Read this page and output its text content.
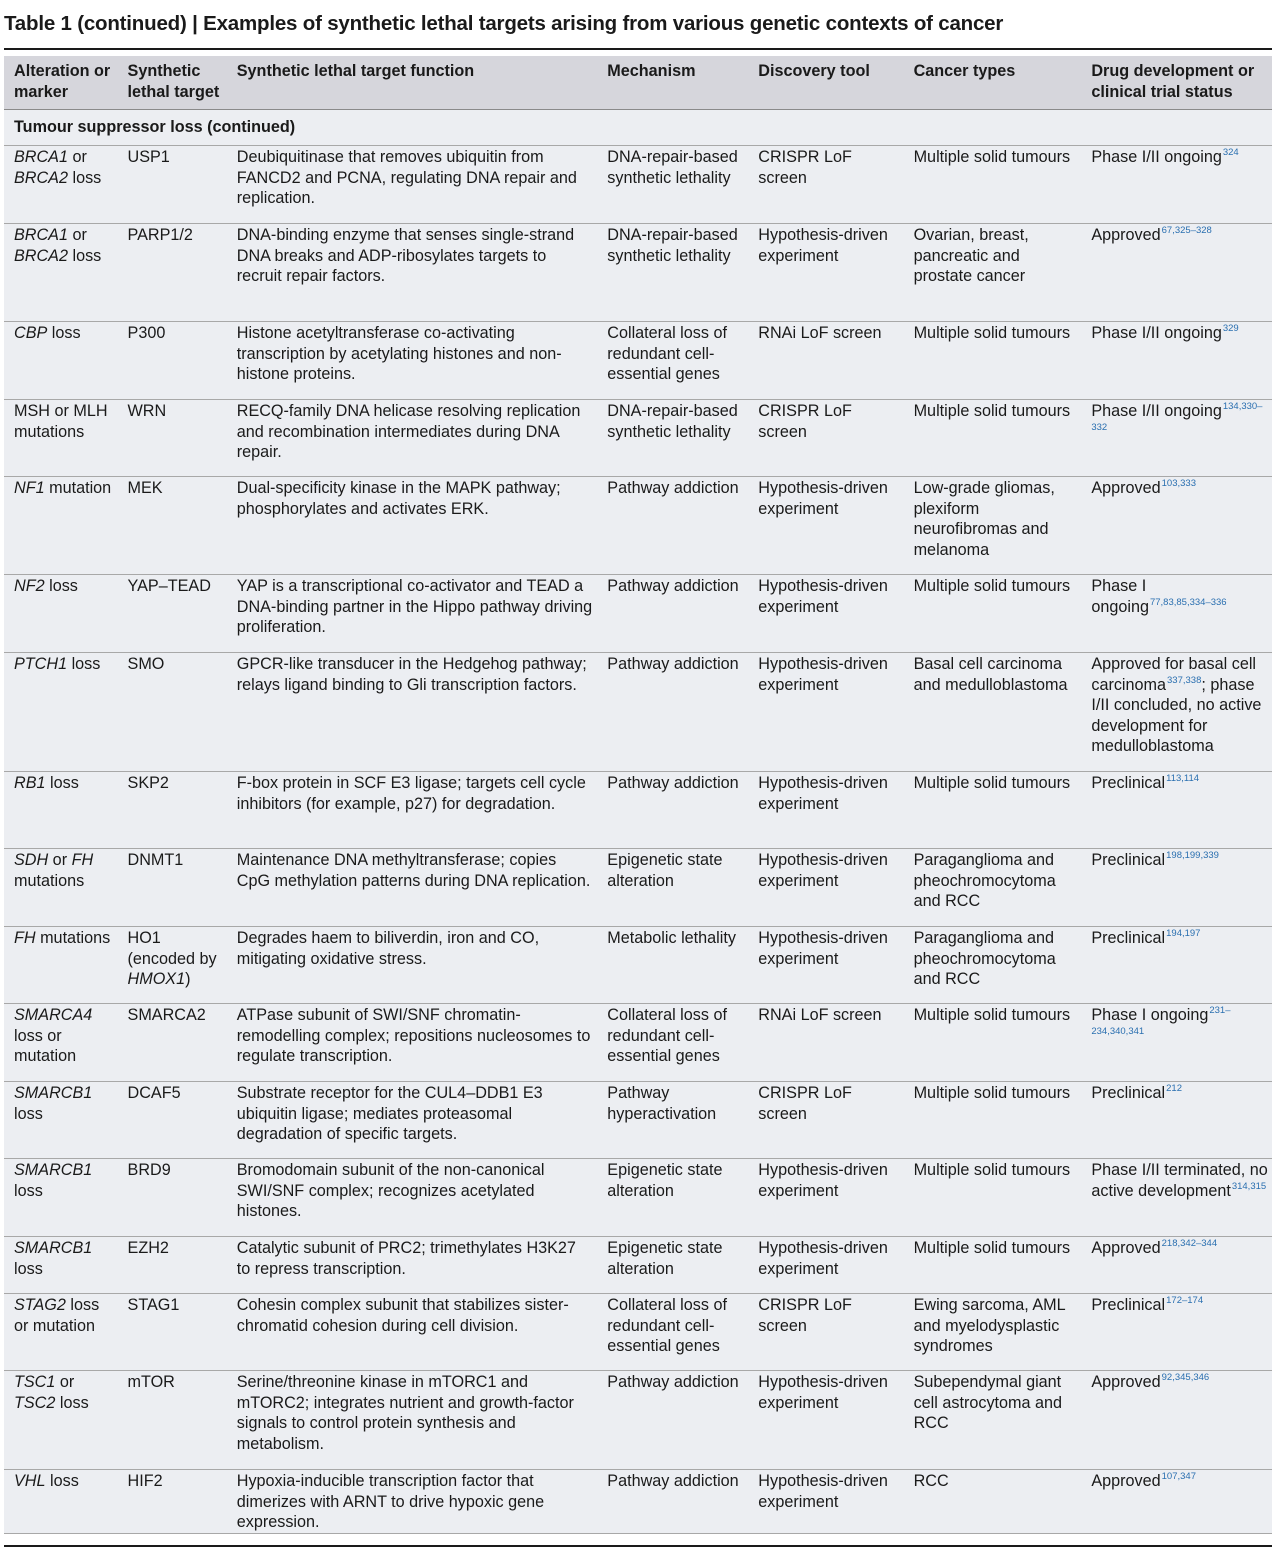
Table 1 (continued) | Examples of synthetic lethal targets arising from various genetic contexts of cancer
Alteration or marker	Synthetic lethal target	Synthetic lethal target function	Mechanism	Discovery tool	Cancer types	Drug development or clinical trial status
Tumour suppressor loss (continued)						

BRCA1 or BRCA2 loss	USP1	Deubiquitinase that removes ubiquitin from FANCD2 and PCNA, regulating DNA repair and replication.	DNA-repair-based synthetic lethality	CRISPR LoF screen	Multiple solid tumours	Phase I/II ongoing$^{324}$

BRCA1 or BRCA2 loss	PARP1/2	DNA-binding enzyme that senses single-strand DNA breaks and ADP-ribosylates targets to recruit repair factors.	DNA-repair-based synthetic lethality	Hypothesis-driven experiment	Ovarian, breast, pancreatic and prostate cancer	Approved$^{67,325-328}$

CBP loss	P300	Histone acetyltransferase co-activating transcription by acetylating histones and non-histone proteins.	Collateral loss of redundant cell-essential genes	RNAi LoF screen	Multiple solid tumours	Phase I/II ongoing$^{329}$

MSH or MLH mutations	WRN	RECQ-family DNA helicase resolving replication and recombination intermediates during DNA repair.	DNA-repair-based synthetic lethality	CRISPR LoF screen	Multiple solid tumours	Phase I/II ongoing$^{134,330-332}$

NF1 mutation	MEK	Dual-specificity kinase in the MAPK pathway; phosphorylates and activates ERK.	Pathway addiction	Hypothesis-driven experiment	Low-grade gliomas, plexiform neurofibromas and melanoma	Approved$^{103,333}$

NF2 loss	YAP–TEAD	YAP is a transcriptional co-activator and TEAD a DNA-binding partner in the Hippo pathway driving proliferation.	Pathway addiction	Hypothesis-driven experiment	Multiple solid tumours	Phase I ongoing$^{77,83,85,334-336}$

PTCH1 loss	SMO	GPCR-like transducer in the Hedgehog pathway; relays ligand binding to Gli transcription factors.	Pathway addiction	Hypothesis-driven experiment	Basal cell carcinoma and medulloblastoma	Approved for basal cell carcinoma$^{337,338}$; phase I/II concluded, no active development for medulloblastoma

RB1 loss	SKP2	F-box protein in SCF E3 ligase; targets cell cycle inhibitors (for example, p27) for degradation.	Pathway addiction	Hypothesis-driven experiment	Multiple solid tumours	Preclinical$^{113,114}$

SDH or FH mutations	DNMT1	Maintenance DNA methyltransferase; copies CpG methylation patterns during DNA replication.	Epigenetic state alteration	Hypothesis-driven experiment	Paraganglioma and pheochromocytoma and RCC	Preclinical$^{198,199,339}$

FH mutations	HO1 (encoded by HMOX1)	Degrades haem to biliverdin, iron and CO, mitigating oxidative stress.	Metabolic lethality	Hypothesis-driven experiment	Paraganglioma and pheochromocytoma and RCC	Preclinical$^{194,197}$

SMARCA4 loss or mutation	SMARCA2	ATPase subunit of SWI/SNF chromatin-remodelling complex; repositions nucleosomes to regulate transcription.	Collateral loss of redundant cell-essential genes	RNAi LoF screen	Multiple solid tumours	Phase I ongoing$^{231-234,340,341}$

SMARCB1 loss	DCAF5	Substrate receptor for the CUL4–DDB1 E3 ubiquitin ligase; mediates proteasomal degradation of specific targets.	Pathway hyperactivation	CRISPR LoF screen	Multiple solid tumours	Preclinical$^{212}$

SMARCB1 loss	BRD9	Bromodomain subunit of the non-canonical SWI/SNF complex; recognizes acetylated histones.	Epigenetic state alteration	Hypothesis-driven experiment	Multiple solid tumours	Phase I/II terminated, no active development$^{314,315}$

SMARCB1 loss	EZH2	Catalytic subunit of PRC2; trimethylates H3K27 to repress transcription.	Epigenetic state alteration	Hypothesis-driven experiment	Multiple solid tumours	Approved$^{218,342-344}$

STAG2 loss or mutation	STAG1	Cohesin complex subunit that stabilizes sister-chromatid cohesion during cell division.	Collateral loss of redundant cell-essential genes	CRISPR LoF screen	Ewing sarcoma, AML and myelodysplastic syndromes	Preclinical$^{172-174}$

TSC1 or TSC2 loss	mTOR	Serine/threonine kinase in mTORC1 and mTORC2; integrates nutrient and growth-factor signals to control protein synthesis and metabolism.	Pathway addiction	Hypothesis-driven experiment	Subependymal giant cell astrocytoma and RCC	Approved$^{92,345,346}$

VHL loss	HIF2	Hypoxia-inducible transcription factor that dimerizes with ARNT to drive hypoxic gene expression.	Pathway addiction	Hypothesis-driven experiment	RCC	Approved$^{107,347}$
